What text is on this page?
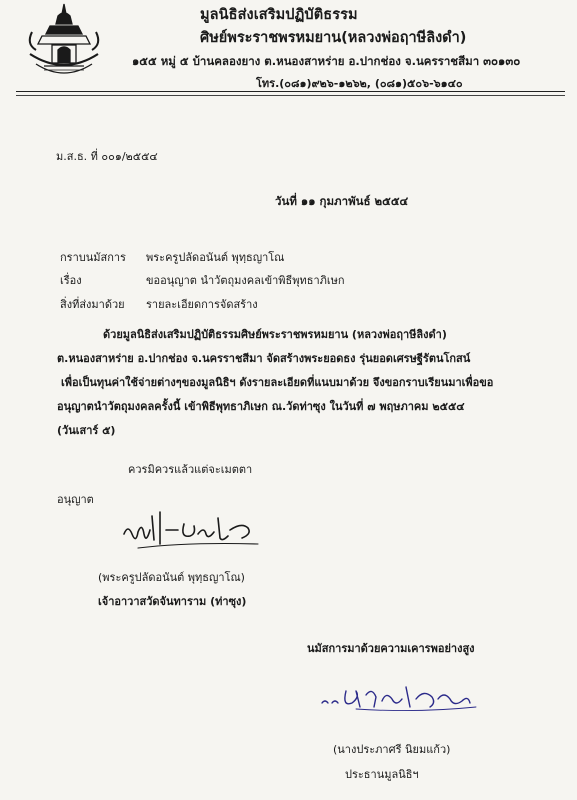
มูลนิธิส่งเสริมปฏิบัติธรรม
ศิษย์พระราชพรหมยาน(หลวงพ่อฤาษีลิงดำ)
๑๕๕ หมู่ ๕ บ้านคลองยาง ต.หนองสาหร่าย อ.ปากช่อง จ.นครราชสีมา ๓๐๑๓๐
โทร.(๐๘๑)๙๒๖-๑๒๖๒, (๐๘๑)๕๐๖-๖๑๔๐
ม.ส.ธ. ที่ ๐๐๑/๒๕๕๔
วันที่ ๑๑ กุมภาพันธ์ ๒๕๕๔
กราบนมัสการ พระครูปลัดอนันต์ พุทฺธญาโณ
เรื่อง	ขออนุญาต นำวัตถุมงคลเข้าพิธีพุทธาภิเษก
สิ่งที่ส่งมาด้วย รายละเอียดการจัดสร้าง
ด้วยมูลนิธิส่งเสริมปฏิบัติธรรมศิษย์พระราชพรหมยาน (หลวงพ่อฤาษีลิงดำ)
ต.หนองสาหร่าย อ.ปากช่อง จ.นครราชสีมา จัดสร้างพระยอดธง รุ่นยอดเศรษฐีรัตนโกสน์
เพื่อเป็นทุนค่าใช้จ่ายต่างๆของมูลนิธิฯ ดังรายละเอียดที่แนบมาด้วย จึงขอกราบเรียนมาเพื่อขอ
อนุญาตนำวัตถุมงคลครั้งนี้ เข้าพิธีพุทธาภิเษก ณ.วัดท่าซุง ในวันที่ ๗ พฤษภาคม ๒๕๕๔
(วันเสาร์ ๕)
ควรมิควรแล้วแต่จะเมตตา
อนุญาต
(พระครูปลัดอนันต์ พุทฺธญาโณ)
เจ้าอาวาสวัดจันทาราม (ท่าซุง)
นมัสการมาด้วยความเคารพอย่างสูง
(นางประภาศรี นิยมแก้ว)
ประธานมูลนิธิฯ
